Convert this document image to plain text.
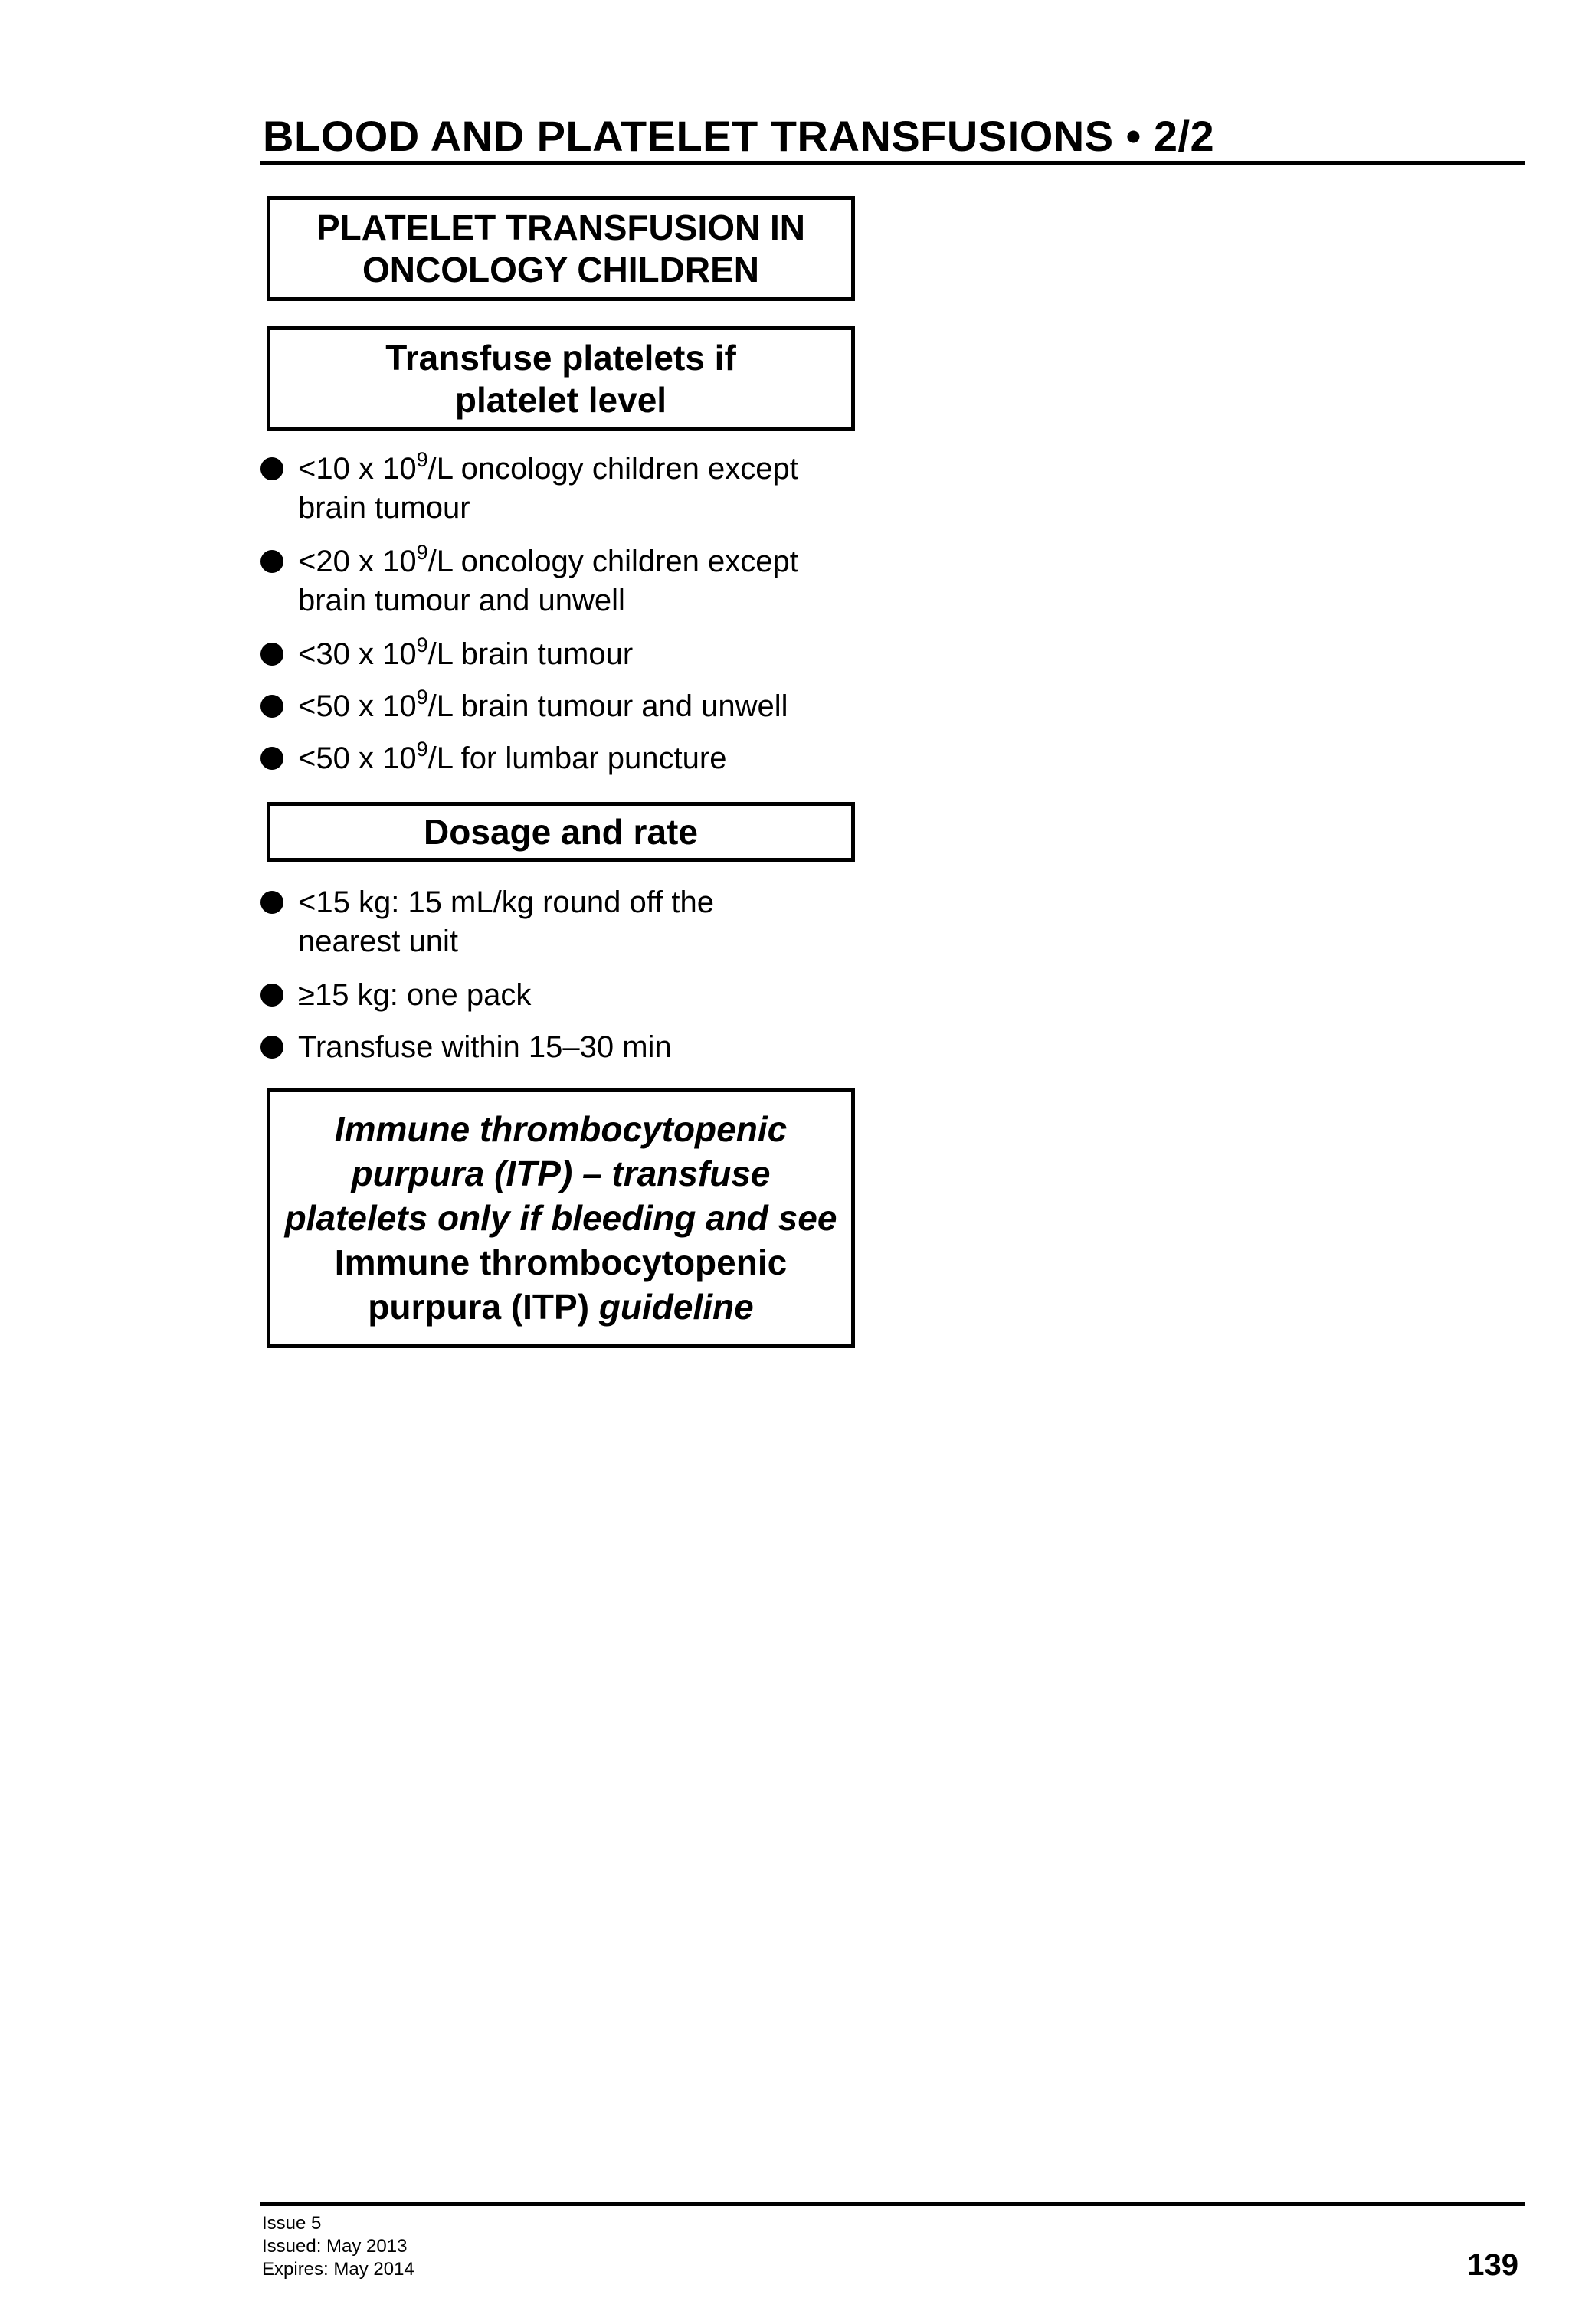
BLOOD AND PLATELET TRANSFUSIONS • 2/2
PLATELET TRANSFUSION IN
ONCOLOGY CHILDREN
Transfuse platelets if
platelet level
<10 x $10^9/L$ oncology children except
brain tumour
<20 x $10^9/L$ oncology children except
brain tumour and unwell
<30 x $10^9/L$ brain tumour
<50 x $10^9/L$ brain tumour and unwell
<50 x $10^9/L$ for lumbar puncture
Dosage and rate
<15 kg: 15 mL/kg round off the
nearest unit
≥15 kg: one pack
Transfuse within 15–30 min
Immune thrombocytopenic
purpura (ITP) – transfuse
platelets only if bleeding and see
Immune thrombocytopenic
purpura (ITP) guideline
Issue 5
Issued: May 2013
Expires: May 2014	139
